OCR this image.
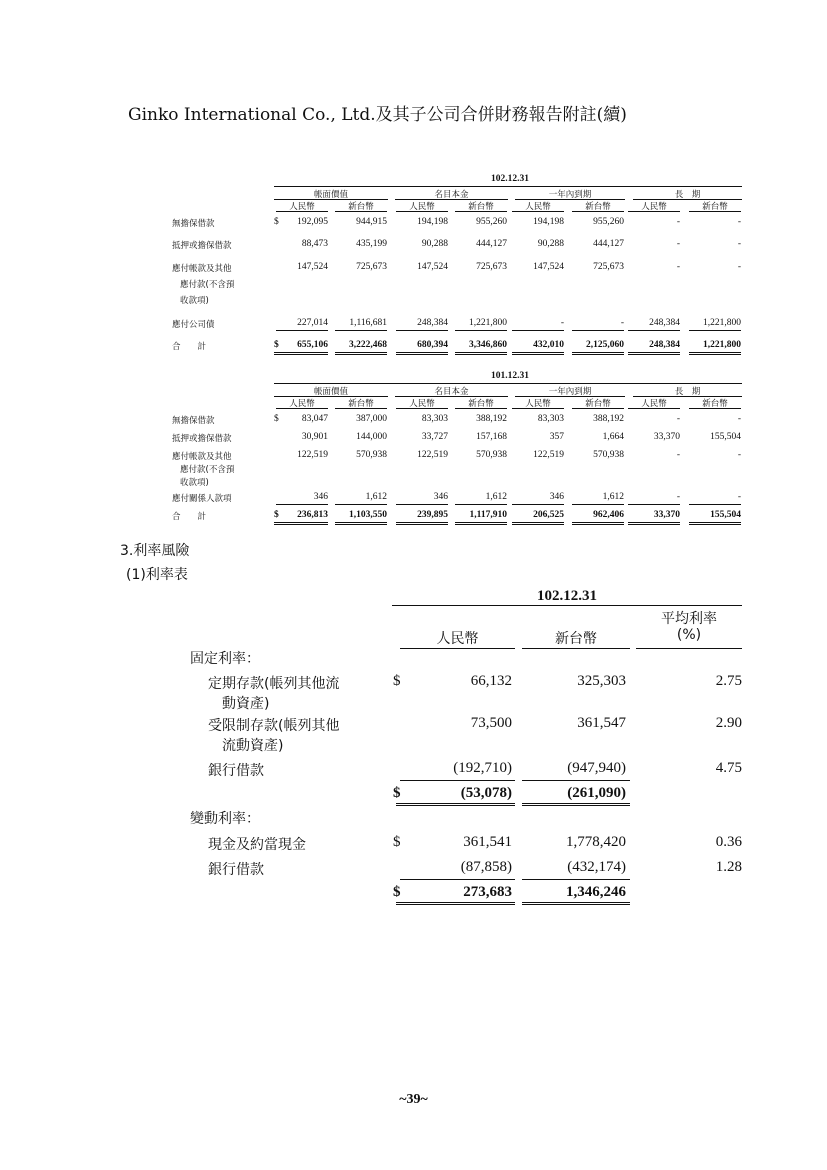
Ginko International Co., Ltd.及其子公司合併財務報告附註(續)
102.12.31
帳面價值	名目本金	一年內到期	長　期
人民幣	新台幣	人民幣	新台幣	人民幣	新台幣	人民幣	新台幣
無擔保借款	$	192,095	944,915	194,198	955,260	194,198	955,260	-	-
抵押或擔保借款	88,473	435,199	90,288	444,127	90,288	444,127	-	-
應付帳款及其他
應付款(不含預
收款項)
147,524	725,673	147,524	725,673	147,524	725,673	-	-
應付公司債	227,014	1,116,681	248,384	1,221,800	-	-	248,384	1,221,800
合　　計	$	655,106	3,222,468	680,394	3,346,860	432,010	2,125,060	248,384	1,221,800
101.12.31
帳面價值	名目本金	一年內到期	長　期
人民幣	新台幣	人民幣	新台幣	人民幣	新台幣	人民幣	新台幣
無擔保借款	$	83,047	387,000	83,303	388,192	83,303	388,192	-	-
抵押或擔保借款	30,901	144,000	33,727	157,168	357	1,664	33,370	155,504
應付帳款及其他
應付款(不含預
收款項)
122,519	570,938	122,519	570,938	122,519	570,938	-	-
應付關係人款項	346	1,612	346	1,612	346	1,612	-	-
合　　計	$	236,813	1,103,550	239,895	1,117,910	206,525	962,406	33,370	155,504
3.利率風險
(1)利率表
102.12.31
人民幣	新台幣
平均利率
(%)
固定利率：
定期存款(帳列其他流
動資產)
$	66,132	325,303	2.75
受限制存款(帳列其他
流動資產)
73,500	361,547	2.90
銀行借款	(192,710)	(947,940)	4.75
$	(53,078)	(261,090)
變動利率：
現金及約當現金	$	361,541	1,778,420	0.36
銀行借款	(87,858)	(432,174)	1.28
$	273,683	1,346,246
~39~
